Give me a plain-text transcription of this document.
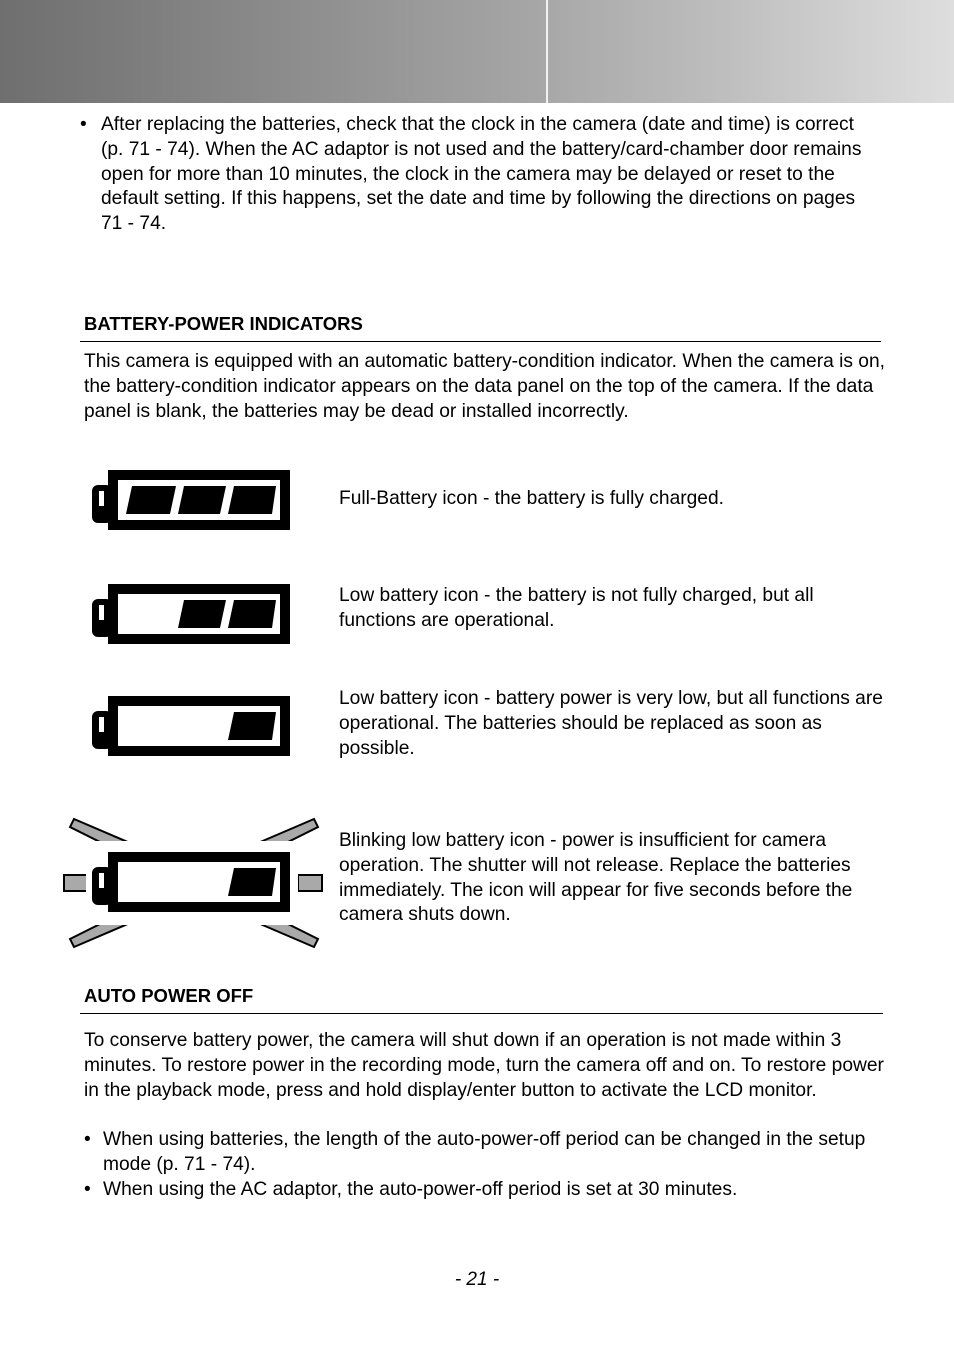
• After replacing the batteries, check that the clock in the camera (date and time) is correct (p. 71 - 74). When the AC adaptor is not used and the battery/card-chamber door remains open for more than 10 minutes, the clock in the camera may be delayed or reset to the default setting. If this happens, set the date and time by following the directions on pages 71 - 74.

BATTERY-POWER INDICATORS

This camera is equipped with an automatic battery-condition indicator. When the camera is on, the battery-condition indicator appears on the data panel on the top of the camera. If the data panel is blank, the batteries may be dead or installed incorrectly.

Full-Battery icon - the battery is fully charged.

Low battery icon - the battery is not fully charged, but all functions are operational.

Low battery icon - battery power is very low, but all functions are operational. The batteries should be replaced as soon as possible.

Blinking low battery icon - power is insufficient for camera operation. The shutter will not release. Replace the batteries immediately. The icon will appear for five seconds before the camera shuts down.

AUTO POWER OFF

To conserve battery power, the camera will shut down if an operation is not made within 3 minutes. To restore power in the recording mode, turn the camera off and on. To restore power in the playback mode, press and hold display/enter button to activate the LCD monitor.

• When using batteries, the length of the auto-power-off period can be changed in the setup mode (p. 71 - 74).

• When using the AC adaptor, the auto-power-off period is set at 30 minutes.

- 21 -
